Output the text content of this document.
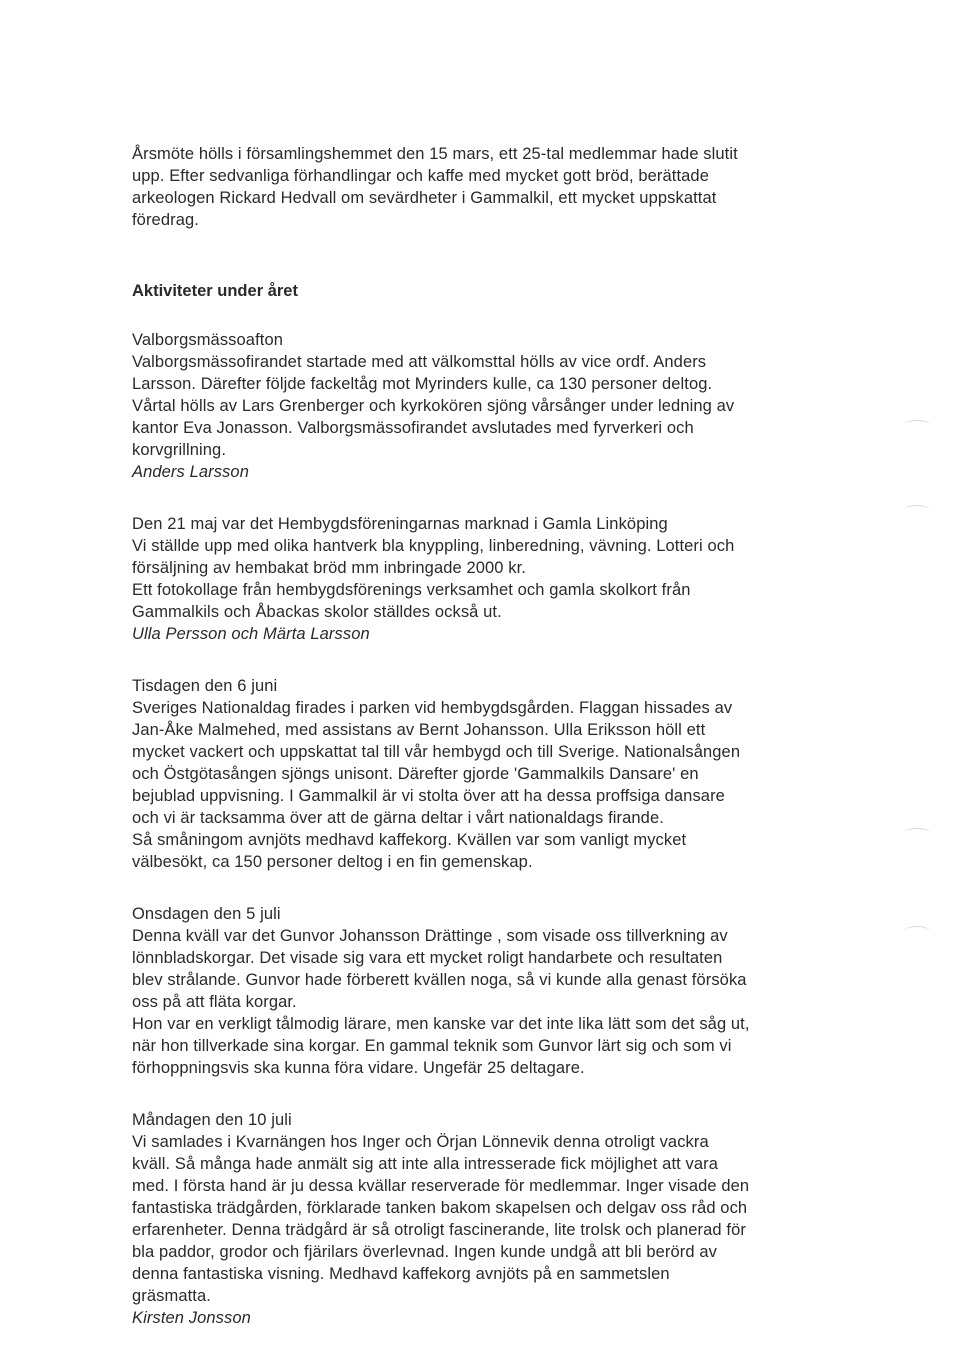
Årsmöte hölls i församlingshemmet den 15 mars, ett 25-tal medlemmar hade slutit
upp. Efter sedvanliga förhandlingar och kaffe med mycket gott bröd, berättade
arkeologen Rickard Hedvall om sevärdheter i Gammalkil, ett mycket uppskattat
föredrag.
Aktiviteter under året
Valborgsmässoafton
Valborgsmässofirandet startade med att välkomsttal hölls av vice ordf. Anders
Larsson. Därefter följde fackeltåg mot Myrinders kulle, ca 130 personer deltog.
Vårtal hölls av Lars Grenberger och kyrkokören sjöng vårsånger under ledning av
kantor Eva Jonasson. Valborgsmässofirandet avslutades med fyrverkeri och
korvgrillning.
Anders Larsson
Den 21 maj var det Hembygdsföreningarnas marknad i Gamla Linköping
Vi ställde upp med olika hantverk bla knyppling, linberedning, vävning. Lotteri och
försäljning av hembakat bröd mm inbringade 2000 kr.
Ett fotokollage från hembygdsförenings verksamhet och gamla skolkort från
Gammalkils och Åbackas skolor ställdes också ut.
Ulla Persson och Märta Larsson
Tisdagen den 6 juni
Sveriges Nationaldag firades i parken vid hembygdsgården. Flaggan hissades av
Jan-Åke Malmehed, med assistans av Bernt Johansson. Ulla Eriksson höll ett
mycket vackert och uppskattat tal till vår hembygd och till Sverige. Nationalsången
och Östgötasången sjöngs unisont. Därefter gjorde 'Gammalkils Dansare' en
bejublad uppvisning. I Gammalkil är vi stolta över att ha dessa proffsiga dansare
och vi är tacksamma över att de gärna deltar i vårt nationaldags firande.
Så småningom avnjöts medhavd kaffekorg. Kvällen var som vanligt mycket
välbesökt, ca 150 personer deltog i en fin gemenskap.
Onsdagen den 5 juli
Denna kväll var det Gunvor Johansson Drättinge , som visade oss tillverkning av
lönnbladskorgar. Det visade sig vara ett mycket roligt handarbete och resultaten
blev strålande. Gunvor hade förberett kvällen noga, så vi kunde alla genast försöka
oss på att fläta korgar.
Hon var en verkligt tålmodig lärare, men kanske var det inte lika lätt som det såg ut,
när hon tillverkade sina korgar. En gammal teknik som Gunvor lärt sig och som vi
förhoppningsvis ska kunna föra vidare. Ungefär 25 deltagare.
Måndagen den 10 juli
Vi samlades i Kvarnängen hos Inger och Örjan Lönnevik denna otroligt vackra
kväll. Så många hade anmält sig att inte alla intresserade fick möjlighet att vara
med. I första hand är ju dessa kvällar reserverade för medlemmar. Inger visade den
fantastiska trädgården, förklarade tanken bakom skapelsen och delgav oss råd och
erfarenheter. Denna trädgård är så otroligt fascinerande, lite trolsk och planerad för
bla paddor, grodor och fjärilars överlevnad. Ingen kunde undgå att bli berörd av
denna fantastiska visning. Medhavd kaffekorg avnjöts på en sammetslen
gräsmatta.
Kirsten Jonsson
